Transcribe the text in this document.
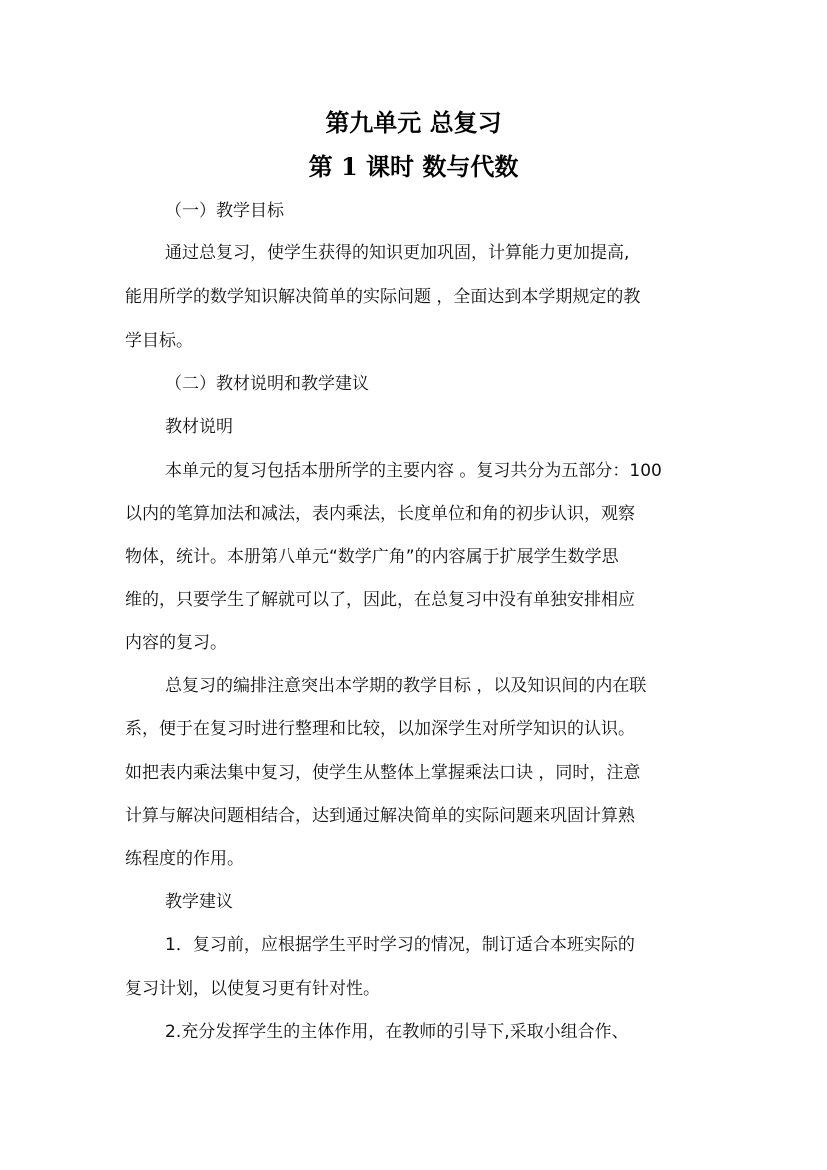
第九单元 总复习
第 1 课时 数与代数
（一）教学目标
通过总复习，使学生获得的知识更加巩固，计算能力更加提高,
能用所学的数学知识解决简单的实际问题 ，全面达到本学期规定的教
学目标。
（二）教材说明和教学建议
教材说明
本单元的复习包括本册所学的主要内容 。复习共分为五部分：100
以内的笔算加法和减法，表内乘法，长度单位和角的初步认识，观察
物体，统计。本册第八单元“数学广角”的内容属于扩展学生数学思
维的，只要学生了解就可以了，因此，在总复习中没有单独安排相应
内容的复习。
总复习的编排注意突出本学期的教学目标 ，以及知识间的内在联
系，便于在复习时进行整理和比较，以加深学生对所学知识的认识。
如把表内乘法集中复习，使学生从整体上掌握乘法口诀 ，同时，注意
计算与解决问题相结合，达到通过解决简单的实际问题来巩固计算熟
练程度的作用。
教学建议
1．复习前，应根据学生平时学习的情况，制订适合本班实际的
复习计划，以使复习更有针对性。
2.充分发挥学生的主体作用，在教师的引导下,采取小组合作、
